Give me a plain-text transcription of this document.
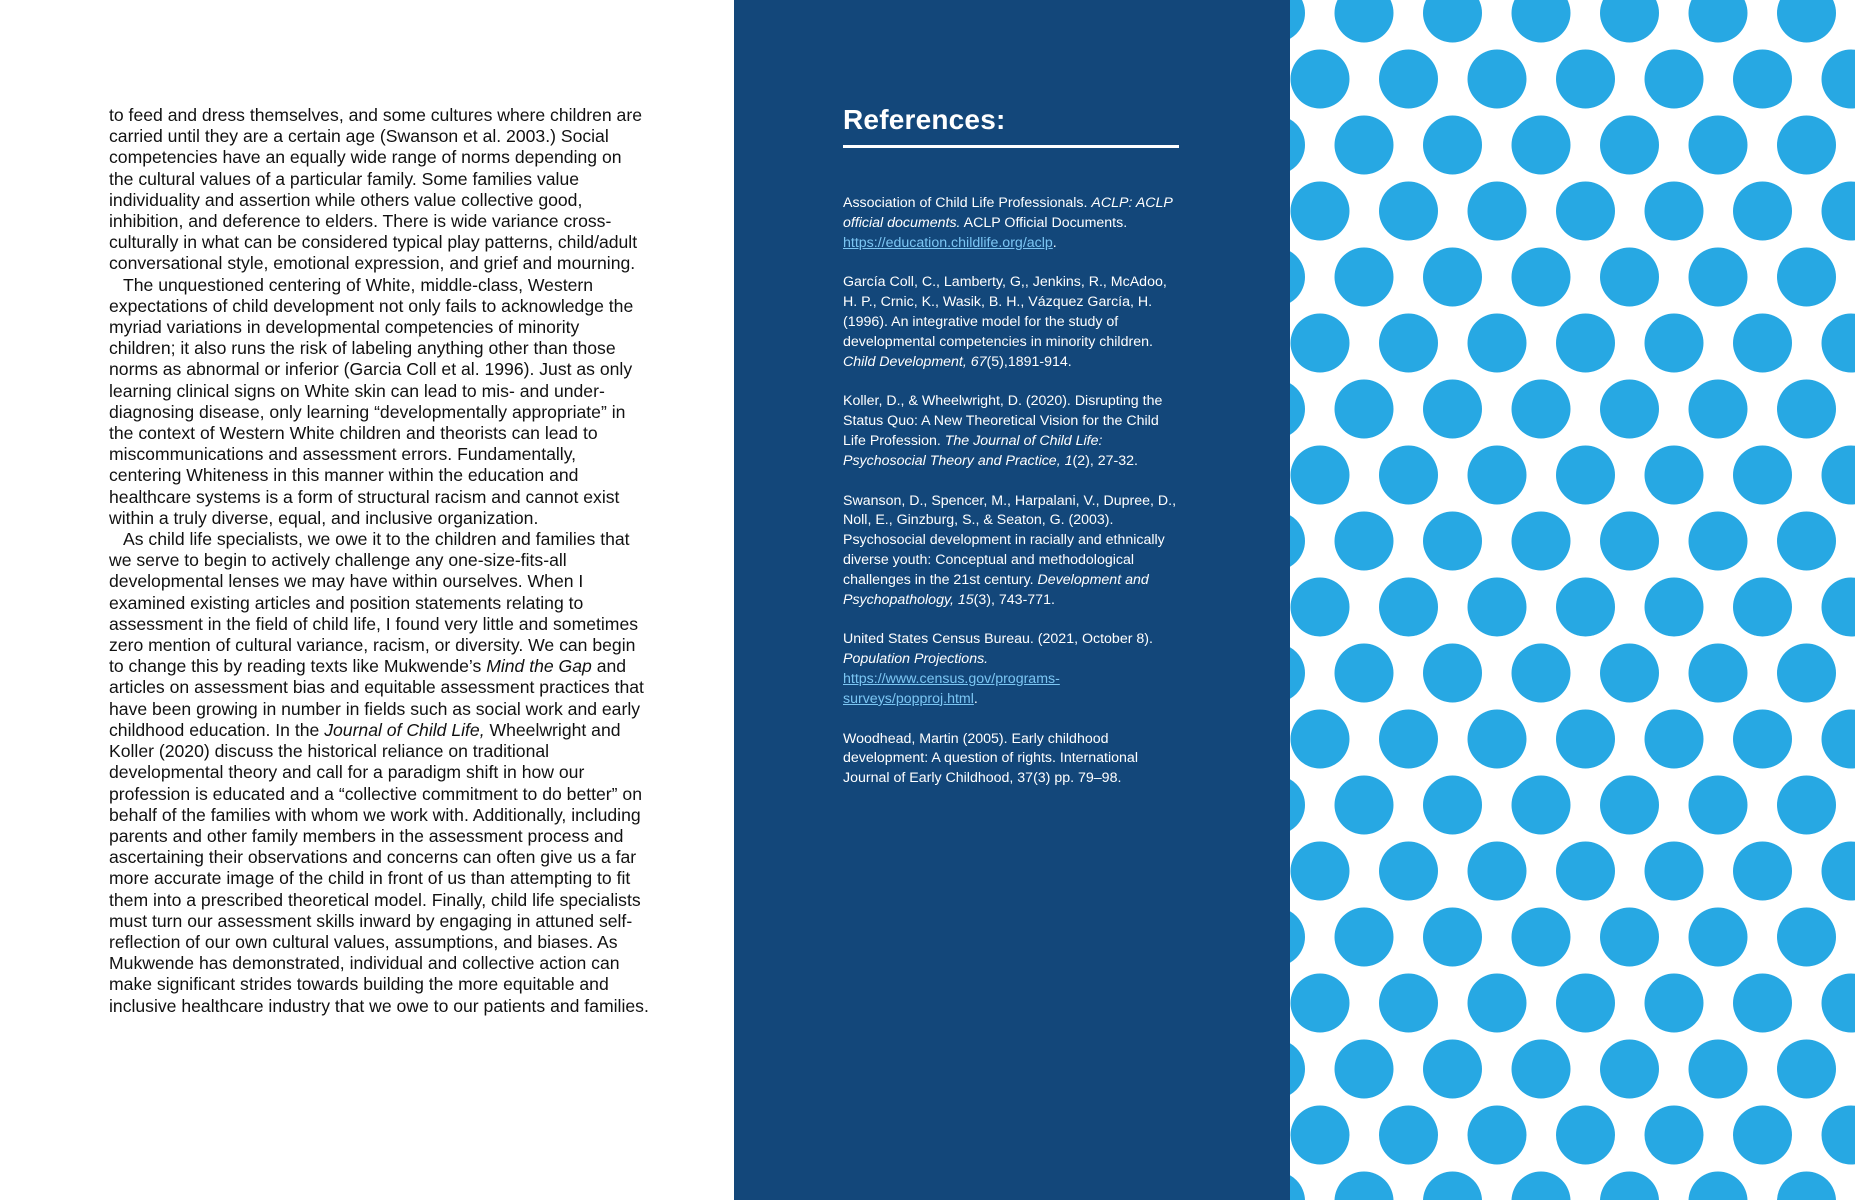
to feed and dress themselves, and some cultures where children are carried until they are a certain age (Swanson et al. 2003.) Social competencies have an equally wide range of norms depending on the cultural values of a particular family. Some families value individuality and assertion while others value collective good, inhibition, and deference to elders. There is wide variance cross-culturally in what can be considered typical play patterns, child/adult conversational style, emotional expression, and grief and mourning.

The unquestioned centering of White, middle-class, Western expectations of child development not only fails to acknowledge the myriad variations in developmental competencies of minority children; it also runs the risk of labeling anything other than those norms as abnormal or inferior (Garcia Coll et al. 1996). Just as only learning clinical signs on White skin can lead to mis- and under-diagnosing disease, only learning “developmentally appropriate” in the context of Western White children and theorists can lead to miscommunications and assessment errors. Fundamentally, centering Whiteness in this manner within the education and healthcare systems is a form of structural racism and cannot exist within a truly diverse, equal, and inclusive organization.

As child life specialists, we owe it to the children and families that we serve to begin to actively challenge any one-size-fits-all developmental lenses we may have within ourselves. When I examined existing articles and position statements relating to assessment in the field of child life, I found very little and sometimes zero mention of cultural variance, racism, or diversity. We can begin to change this by reading texts like Mukwende’s Mind the Gap and articles on assessment bias and equitable assessment practices that have been growing in number in fields such as social work and early childhood education. In the Journal of Child Life, Wheelwright and Koller (2020) discuss the historical reliance on traditional developmental theory and call for a paradigm shift in how our profession is educated and a “collective commitment to do better” on behalf of the families with whom we work with. Additionally, including parents and other family members in the assessment process and ascertaining their observations and concerns can often give us a far more accurate image of the child in front of us than attempting to fit them into a prescribed theoretical model. Finally, child life specialists must turn our assessment skills inward by engaging in attuned self-reflection of our own cultural values, assumptions, and biases. As Mukwende has demonstrated, individual and collective action can make significant strides towards building the more equitable and inclusive healthcare industry that we owe to our patients and families.

References:
Association of Child Life Professionals. ACLP: ACLP official documents. ACLP Official Documents. https://education.childlife.org/aclp.
García Coll, C., Lamberty, G,, Jenkins, R., McAdoo, H. P., Crnic, K., Wasik, B. H., Vázquez García, H. (1996). An integrative model for the study of developmental competencies in minority children. Child Development, 67(5),1891-914.
Koller, D., & Wheelwright, D. (2020). Disrupting the Status Quo: A New Theoretical Vision for the Child Life Profession. The Journal of Child Life: Psychosocial Theory and Practice, 1(2), 27-32.
Swanson, D., Spencer, M., Harpalani, V., Dupree, D., Noll, E., Ginzburg, S., & Seaton, G. (2003). Psychosocial development in racially and ethnically diverse youth: Conceptual and methodological challenges in the 21st century. Development and Psychopathology, 15(3), 743-771.
United States Census Bureau. (2021, October 8). Population Projections. https://www.census.gov/programs-surveys/popproj.html.
Woodhead, Martin (2005). Early childhood development: A question of rights. International Journal of Early Childhood, 37(3) pp. 79–98.
